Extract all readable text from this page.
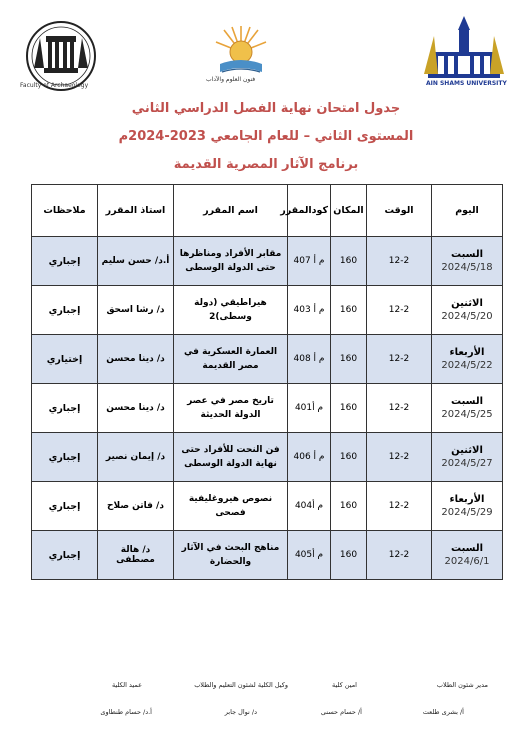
Faculty of Archaeology
فنون العلوم والآداب
AIN SHAMS UNIVERSITY
جدول امتحان نهاية الفصل الدراسي الثاني
المستوى الثاني – للعام الجامعي 2023-2024م
برنامج الآثار المصرية القديمة
اليوم	الوقت	المكان	كودالمقرر	اسم المقرر	استاذ المقرر	ملاحظات

السبت
2024/5/18	12-2	160	م أ 407	مقابر الأفراد ومناظرها حتى الدولة الوسطى	أ.د/ حسن سليم	إجباري

الاثنين
2024/5/20	12-2	160	م أ 403	هيراطيقي (دولة وسطى)2	د/ رشا اسحق	إجباري

الأربعاء
2024/5/22	12-2	160	م أ 408	العمارة العسكرية في مصر القديمة	د/ دينا محسن	إختياري

السبت
2024/5/25	12-2	160	م أ401	تاريخ مصر في عصر الدولة الحديثة	د/ دينا محسن	إجباري

الاثنين
2024/5/27	12-2	160	م أ 406	فن النحت للأفراد حتى نهاية الدولة الوسطى	د/ إيمان نصير	إجباري

الأربعاء
2024/5/29	12-2	160	م أ404	نصوص هيروغليفية فصحى	د/ فاتن صلاح	إجباري

السبت
2024/6/1	12-2	160	م أ405	مناهج البحث في الآثار والحضارة	د/ هالة مصطفى	إجباري
مدير شئون الطلاب
امين كلية
وكيل الكلية لشئون التعليم والطلاب
عميد الكلية
أ/ بشرى طلعت
أ/ حسام حسنى
د/ نوال جابر
أ.د/ حسام طنطاوى
